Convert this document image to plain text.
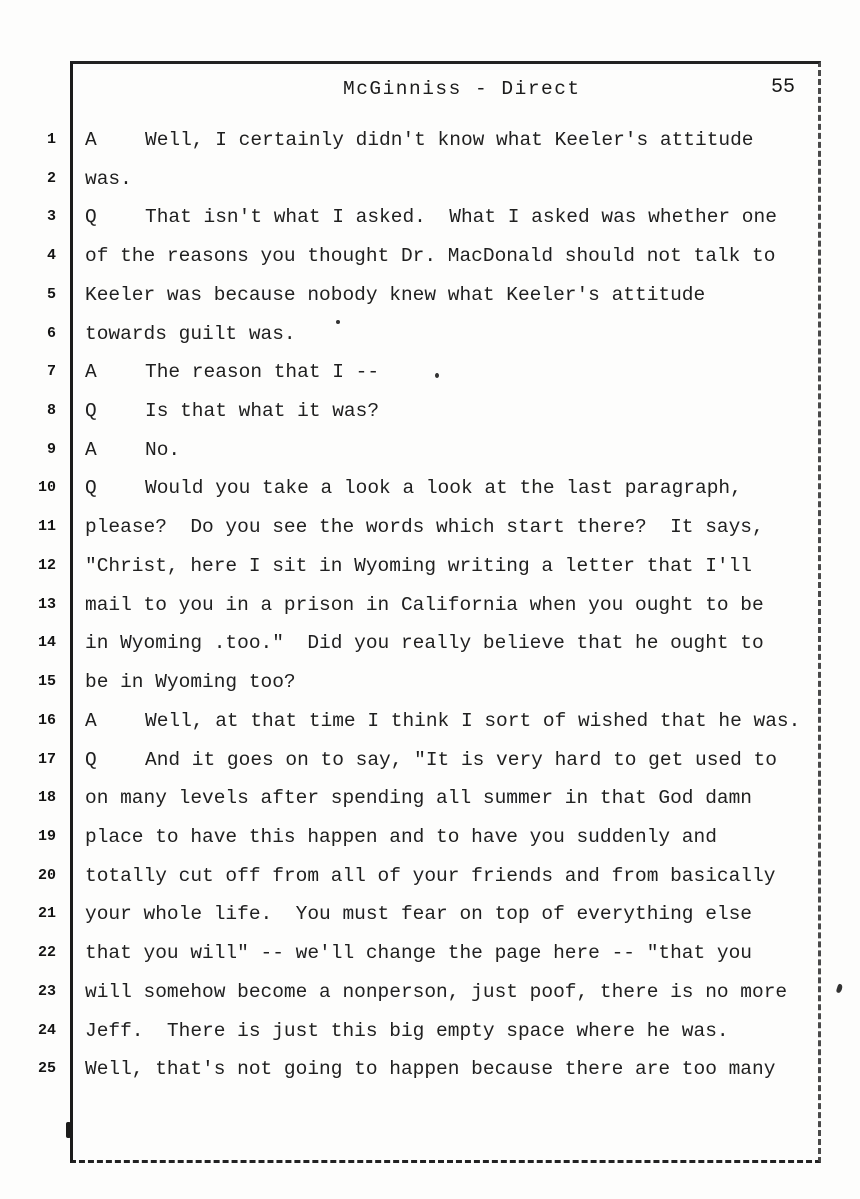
McGinniss - Direct	55
1 A Well, I certainly didn't know what Keeler's attitude
2 was.
3 Q That isn't what I asked.  What I asked was whether one
4 of the reasons you thought Dr. MacDonald should not talk to
5 Keeler was because nobody knew what Keeler's attitude
6 towards guilt was.
7 A The reason that I --
8 Q Is that what it was?
9 A No.
10 Q Would you take a look a look at the last paragraph,
11 please?  Do you see the words which start there?  It says,
12 "Christ, here I sit in Wyoming writing a letter that I'll
13 mail to you in a prison in California when you ought to be
14 in Wyoming .too."  Did you really believe that he ought to
15 be in Wyoming too?
16 A Well, at that time I think I sort of wished that he was.
17 Q And it goes on to say, "It is very hard to get used to
18 on many levels after spending all summer in that God damn
19 place to have this happen and to have you suddenly and
20 totally cut off from all of your friends and from basically
21 your whole life.  You must fear on top of everything else
22 that you will" -- we'll change the page here -- "that you
23 will somehow become a nonperson, just poof, there is no more
24 Jeff.  There is just this big empty space where he was.
25 Well, that's not going to happen because there are too many
